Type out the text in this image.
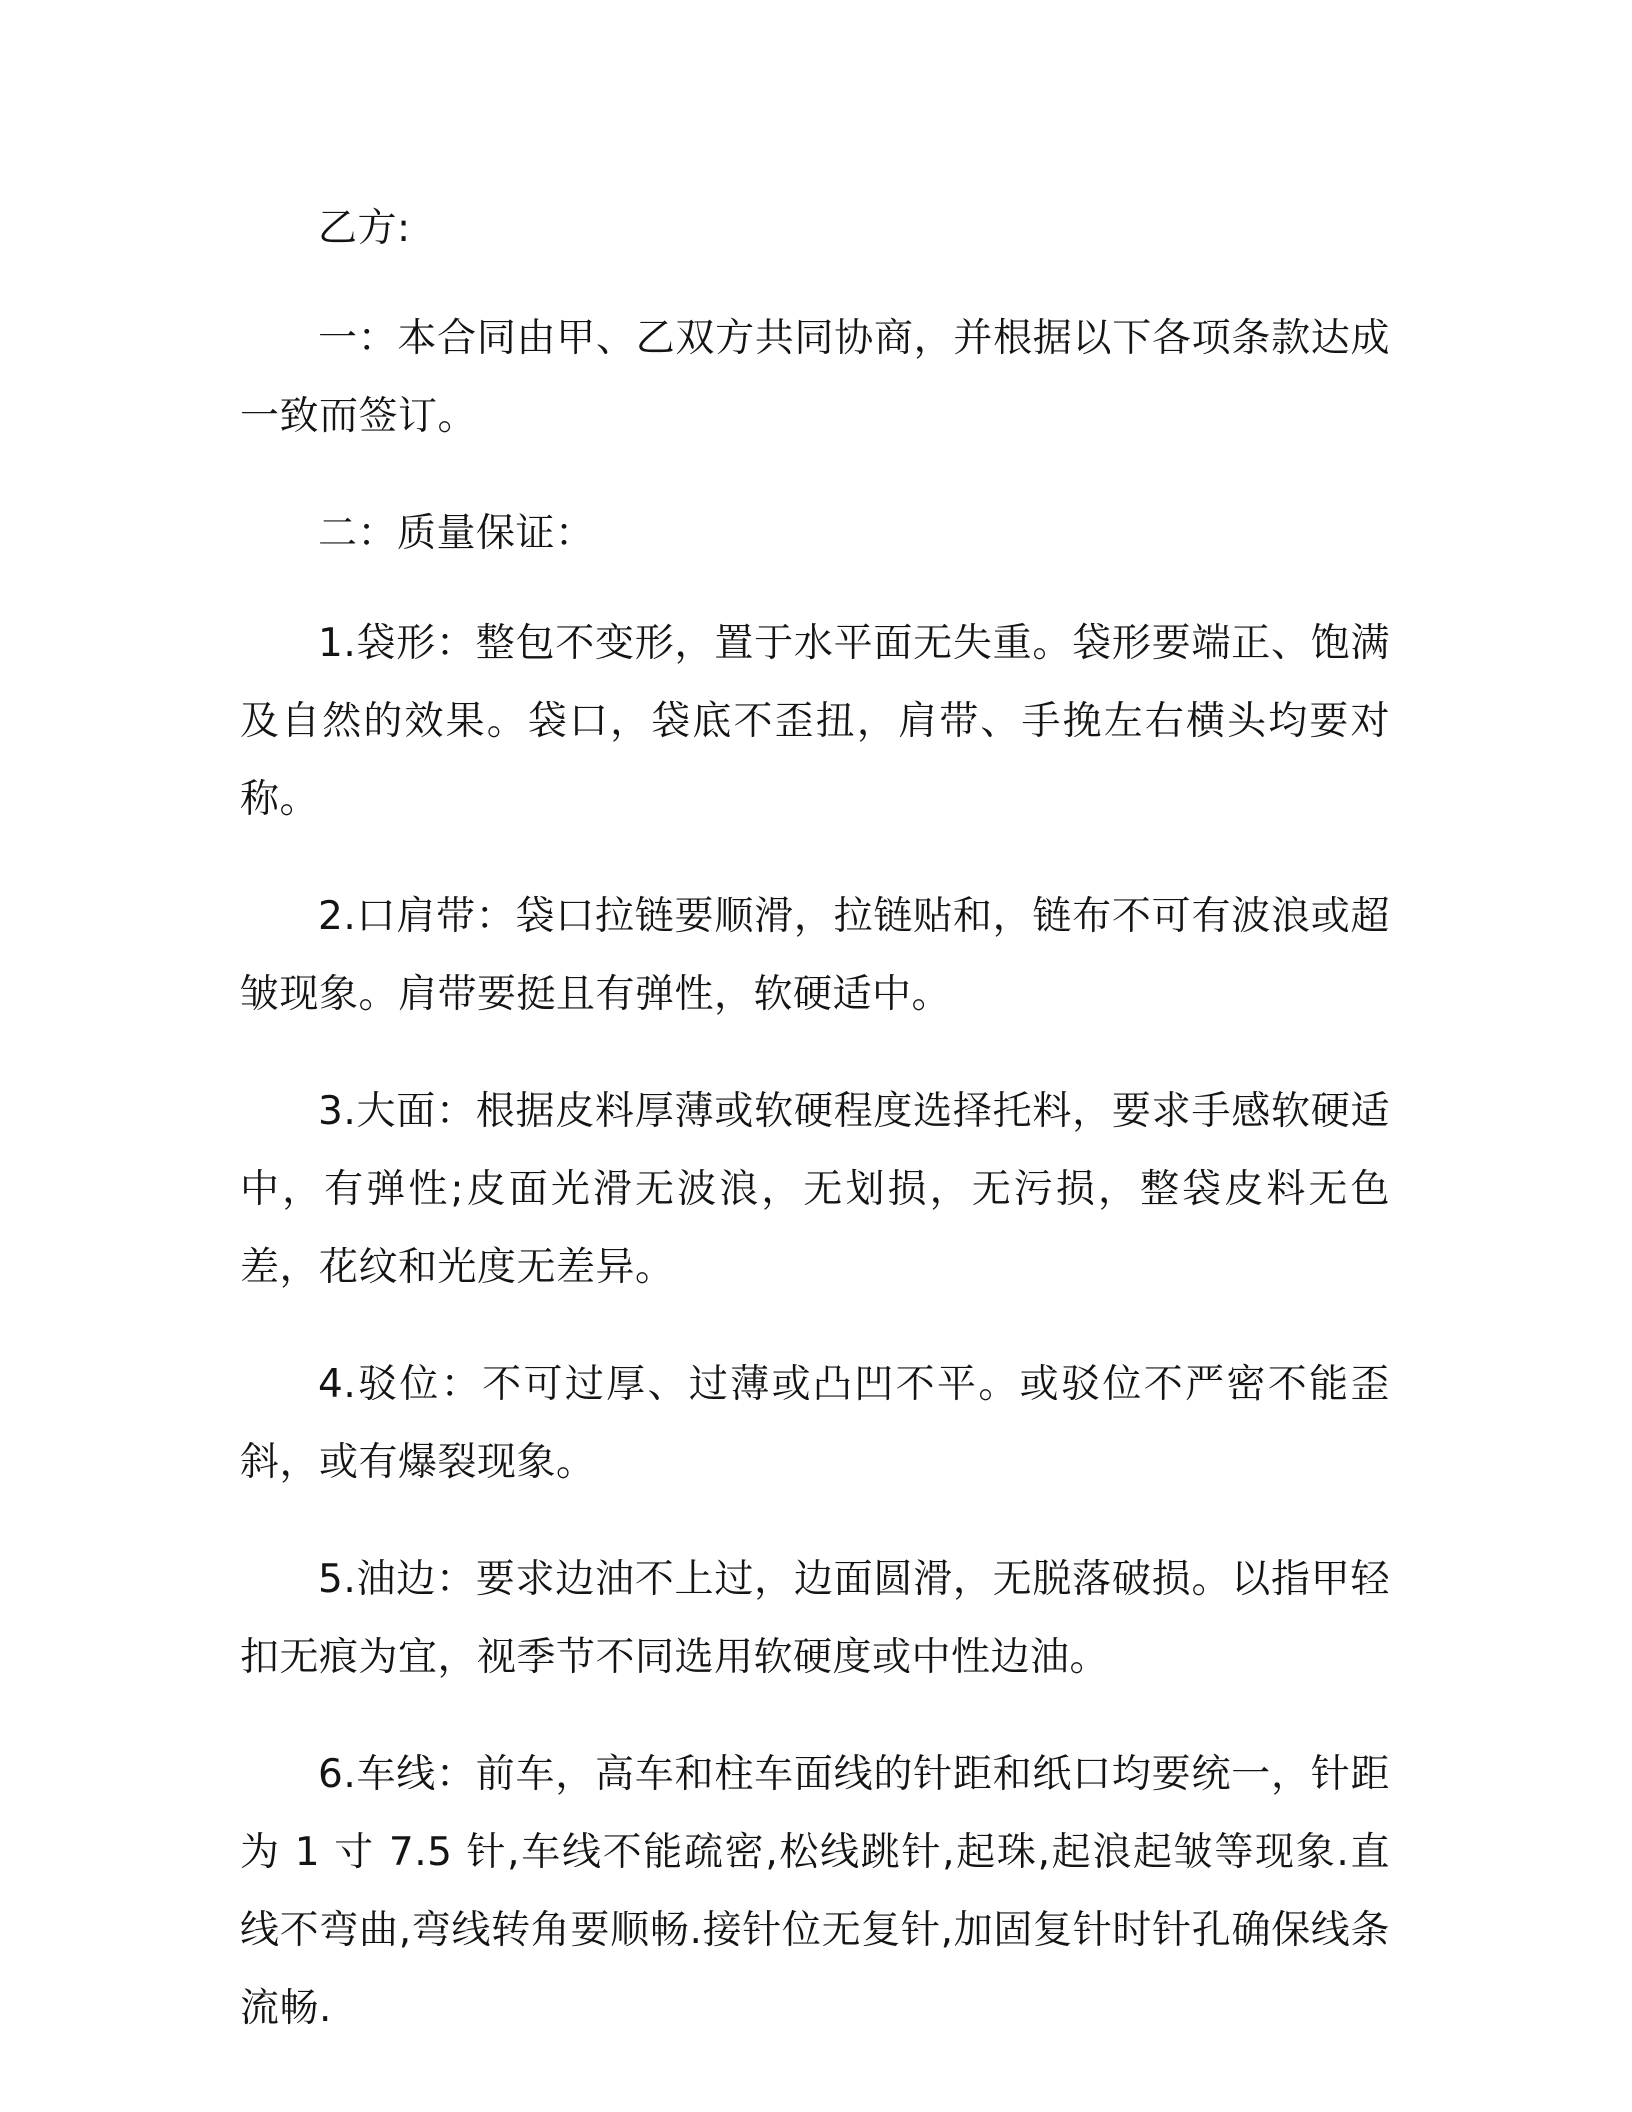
乙方:

一：本合同由甲、乙双方共同协商，并根据以下各项条款达成一致而签订。

二：质量保证：

1.袋形：整包不变形，置于水平面无失重。袋形要端正、饱满及自然的效果。袋口，袋底不歪扭，肩带、手挽左右横头均要对称。

2.口肩带：袋口拉链要顺滑，拉链贴和，链布不可有波浪或超皱现象。肩带要挺且有弹性，软硬适中。

3.大面：根据皮料厚薄或软硬程度选择托料，要求手感软硬适中，有弹性;皮面光滑无波浪，无划损，无污损，整袋皮料无色差，花纹和光度无差异。

4.驳位：不可过厚、过薄或凸凹不平。或驳位不严密不能歪斜，或有爆裂现象。

5.油边：要求边油不上过，边面圆滑，无脱落破损。以指甲轻扣无痕为宜，视季节不同选用软硬度或中性边油。

6.车线：前车，高车和柱车面线的针距和纸口均要统一，针距为 1 寸 7.5 针,车线不能疏密,松线跳针,起珠,起浪起皱等现象.直线不弯曲,弯线转角要顺畅.接针位无复针,加固复针时针孔确保线条流畅.
